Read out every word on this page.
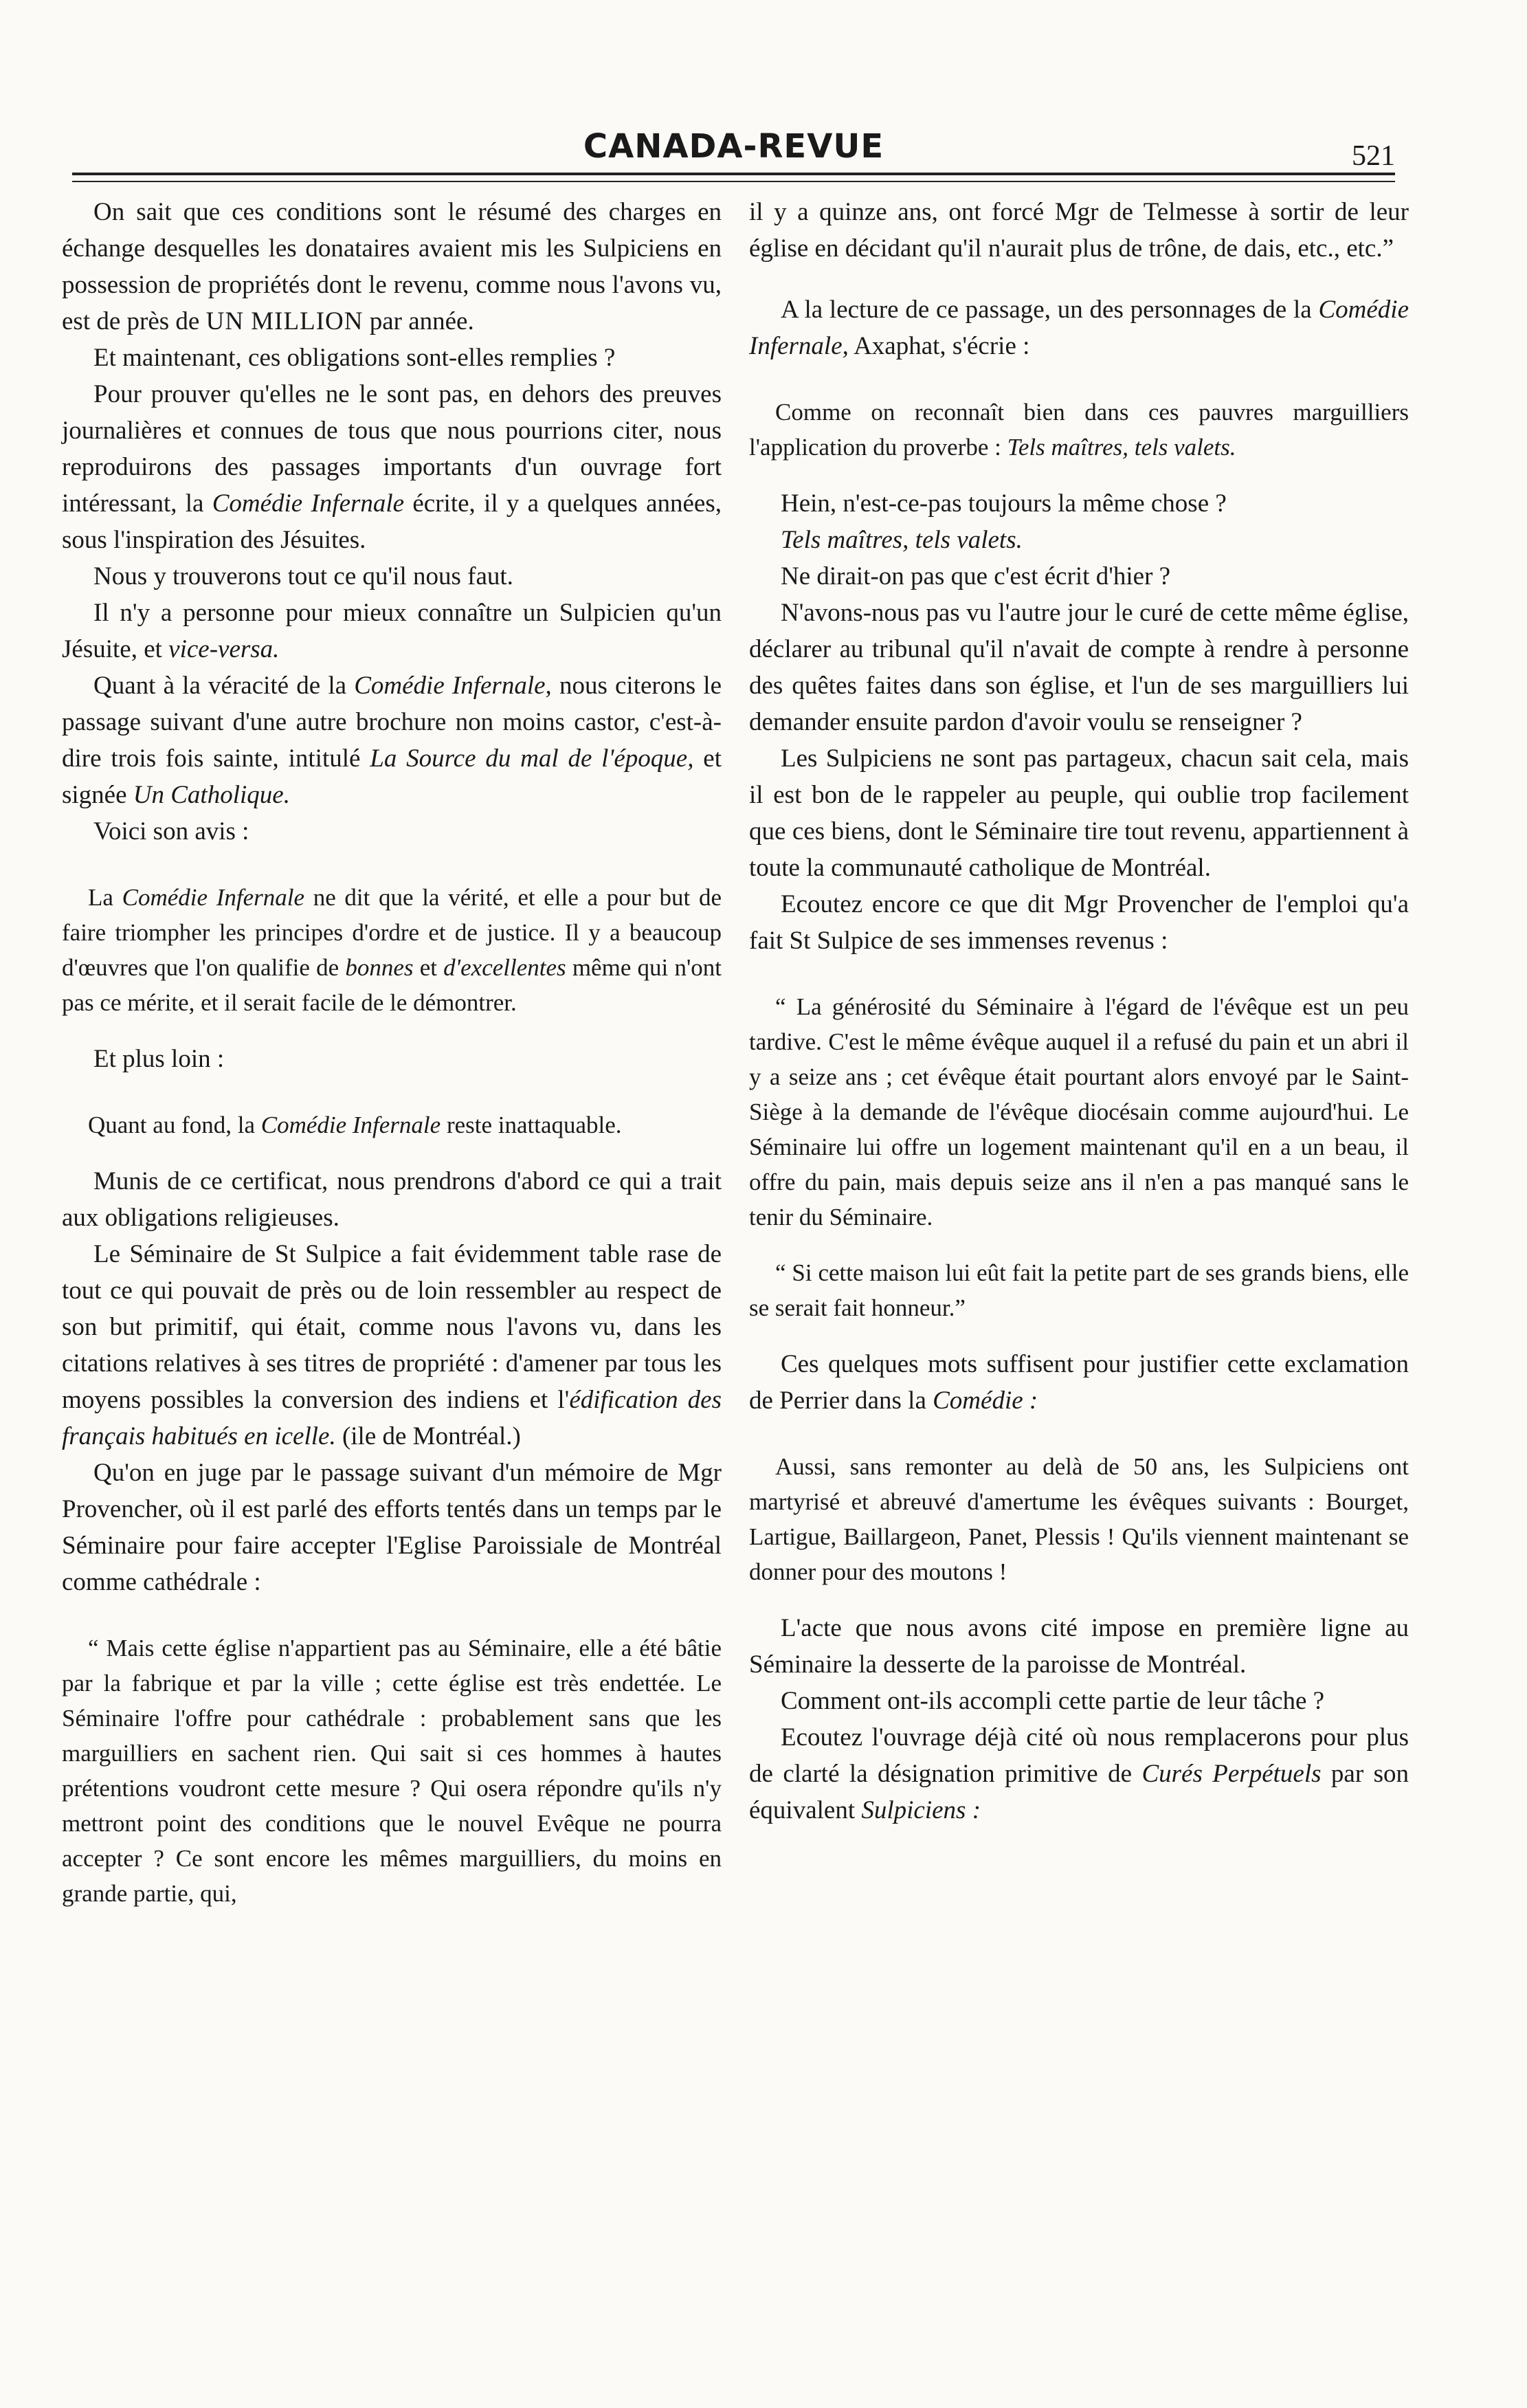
CANADA-REVUE	521

On sait que ces conditions sont le résumé des charges en échange desquelles les donataires avaient mis les Sulpiciens en possession de propriétés dont le revenu, comme nous l'avons vu, est de près de UN MILLION par année.

Et maintenant, ces obligations sont-elles remplies ?

Pour prouver qu'elles ne le sont pas, en dehors des preuves journalières et connues de tous que nous pourrions citer, nous reproduirons des passages importants d'un ouvrage fort intéressant, la Comédie Infernale écrite, il y a quelques années, sous l'inspiration des Jésuites.

Nous y trouverons tout ce qu'il nous faut.

Il n'y a personne pour mieux connaître un Sulpicien qu'un Jésuite, et vice-versa.

Quant à la véracité de la Comédie Infernale, nous citerons le passage suivant d'une autre brochure non moins castor, c'est-à-dire trois fois sainte, intitulé La Source du mal de l'époque, et signée Un Catholique.

Voici son avis :

La Comédie Infernale ne dit que la vérité, et elle a pour but de faire triompher les principes d'ordre et de justice. Il y a beaucoup d'œuvres que l'on qualifie de bonnes et d'excellentes même qui n'ont pas ce mérite, et il serait facile de le démontrer.

Et plus loin :

Quant au fond, la Comédie Infernale reste inattaquable.

Munis de ce certificat, nous prendrons d'abord ce qui a trait aux obligations religieuses.

Le Séminaire de St Sulpice a fait évidemment table rase de tout ce qui pouvait de près ou de loin ressembler au respect de son but primitif, qui était, comme nous l'avons vu, dans les citations relatives à ses titres de propriété : d'amener par tous les moyens possibles la conversion des indiens et l'édification des français habitués en icelle. (ile de Montréal.)

Qu'on en juge par le passage suivant d'un mémoire de Mgr Provencher, où il est parlé des efforts tentés dans un temps par le Séminaire pour faire accepter l'Eglise Paroissiale de Montréal comme cathédrale :

“ Mais cette église n'appartient pas au Séminaire, elle a été bâtie par la fabrique et par la ville ; cette église est très endettée. Le Séminaire l'offre pour cathédrale : probablement sans que les marguilliers en sachent rien. Qui sait si ces hommes à hautes prétentions voudront cette mesure ? Qui osera répondre qu'ils n'y mettront point des conditions que le nouvel Evêque ne pourra accepter ? Ce sont encore les mêmes marguilliers, du moins en grande partie, qui,

il y a quinze ans, ont forcé Mgr de Telmesse à sortir de leur église en décidant qu'il n'aurait plus de trône, de dais, etc., etc.”

A la lecture de ce passage, un des personnages de la Comédie Infernale, Axaphat, s'écrie :

Comme on reconnaît bien dans ces pauvres marguilliers l'application du proverbe : Tels maîtres, tels valets.

Hein, n'est-ce-pas toujours la même chose ?

Tels maîtres, tels valets.

Ne dirait-on pas que c'est écrit d'hier ?

N'avons-nous pas vu l'autre jour le curé de cette même église, déclarer au tribunal qu'il n'avait de compte à rendre à personne des quêtes faites dans son église, et l'un de ses marguilliers lui demander ensuite pardon d'avoir voulu se renseigner ?

Les Sulpiciens ne sont pas partageux, chacun sait cela, mais il est bon de le rappeler au peuple, qui oublie trop facilement que ces biens, dont le Séminaire tire tout revenu, appartiennent à toute la communauté catholique de Montréal.

Ecoutez encore ce que dit Mgr Provencher de l'emploi qu'a fait St Sulpice de ses immenses revenus :

“ La générosité du Séminaire à l'égard de l'évêque est un peu tardive. C'est le même évêque auquel il a refusé du pain et un abri il y a seize ans ; cet évêque était pourtant alors envoyé par le Saint-Siège à la demande de l'évêque diocésain comme aujourd'hui. Le Séminaire lui offre un logement maintenant qu'il en a un beau, il offre du pain, mais depuis seize ans il n'en a pas manqué sans le tenir du Séminaire.

“ Si cette maison lui eût fait la petite part de ses grands biens, elle se serait fait honneur.”

Ces quelques mots suffisent pour justifier cette exclamation de Perrier dans la Comédie :

Aussi, sans remonter au delà de 50 ans, les Sulpiciens ont martyrisé et abreuvé d'amertume les évêques suivants : Bourget, Lartigue, Baillargeon, Panet, Plessis ! Qu'ils viennent maintenant se donner pour des moutons !

L'acte que nous avons cité impose en première ligne au Séminaire la desserte de la paroisse de Montréal.

Comment ont-ils accompli cette partie de leur tâche ?

Ecoutez l'ouvrage déjà cité où nous remplacerons pour plus de clarté la désignation primitive de Curés Perpétuels par son équivalent Sulpiciens :
